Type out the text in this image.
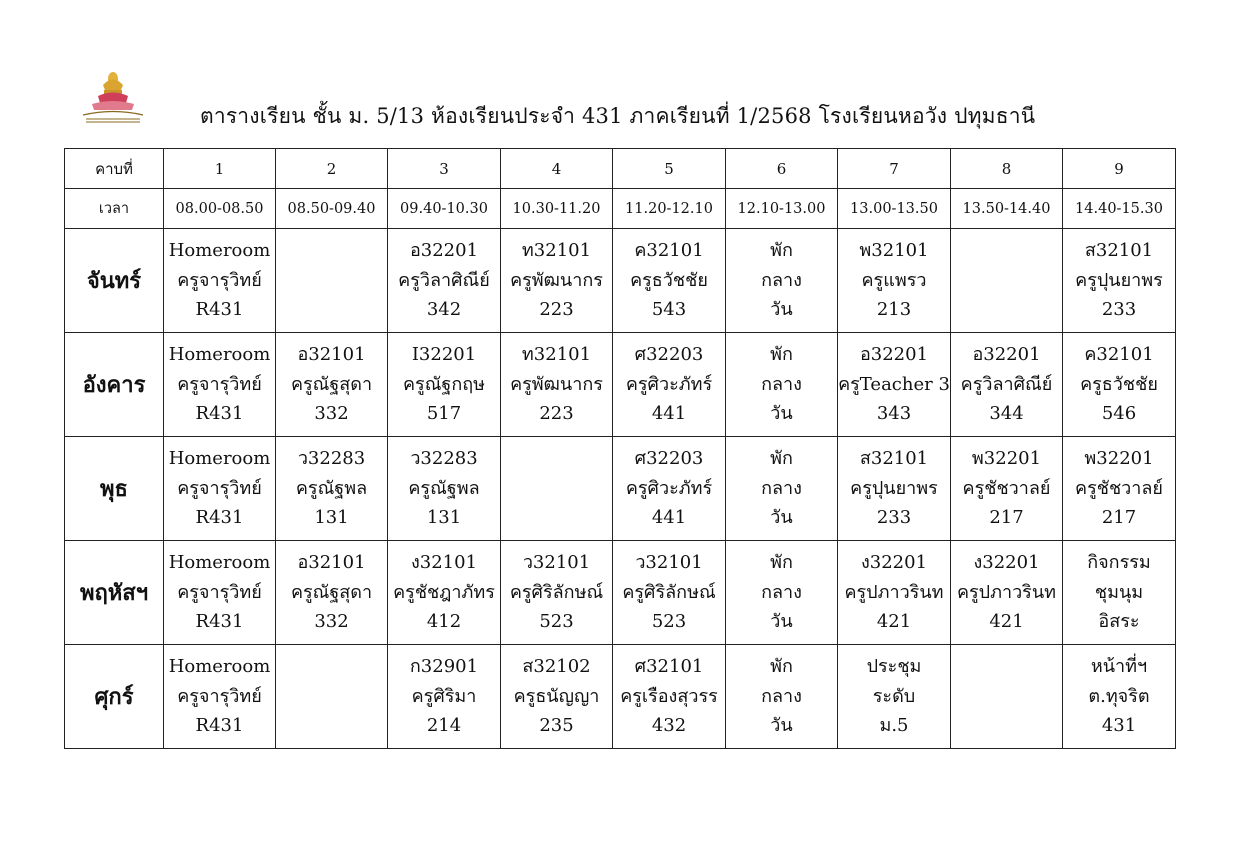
ตารางเรียน ชั้น ม. 5/13 ห้องเรียนประจำ 431 ภาคเรียนที่ 1/2568 โรงเรียนหอวัง ปทุมธานี
คาบที่	1	2	3	4	5	6	7	8	9
เวลา	08.00-08.50	08.50-09.40	09.40-10.30	10.30-11.20	11.20-12.10	12.10-13.00	13.00-13.50	13.50-14.40	14.40-15.30
จันทร์	Homeroom
ครูจารุวิทย์
R431		อ32201
ครูวิลาศิณีย์
342	ท32101
ครูพัฒนากร
223	ค32101
ครูธวัชชัย
543	พัก
กลาง
วัน	พ32101
ครูแพรว
213		ส32101
ครูปุนยาพร
233

อังคาร	Homeroom
ครูจารุวิทย์
R431	อ32101
ครูณัฐสุดา
332	I32201
ครูณัฐกฤษ
517	ท32101
ครูพัฒนากร
223	ศ32203
ครูศิวะภัทร์
441	พัก
กลาง
วัน	อ32201
ครูTeacher 3
343	อ32201
ครูวิลาศิณีย์
344	ค32101
ครูธวัชชัย
546

พุธ	Homeroom
ครูจารุวิทย์
R431	ว32283
ครูณัฐพล
131	ว32283
ครูณัฐพล
131		ศ32203
ครูศิวะภัทร์
441	พัก
กลาง
วัน	ส32101
ครูปุนยาพร
233	พ32201
ครูชัชวาลย์
217	พ32201
ครูชัชวาลย์
217

พฤหัสฯ	Homeroom
ครูจารุวิทย์
R431	อ32101
ครูณัฐสุดา
332	ง32101
ครูชัชฎาภัทร
412	ว32101
ครูศิริลักษณ์
523	ว32101
ครูศิริลักษณ์
523	พัก
กลาง
วัน	ง32201
ครูปภาวรินท
421	ง32201
ครูปภาวรินท
421	กิจกรรม
ชุมนุม
อิสระ

ศุกร์	Homeroom
ครูจารุวิทย์
R431		ก32901
ครูศิริมา
214	ส32102
ครูธนัญญา
235	ศ32101
ครูเรืองสุวรร
432	พัก
กลาง
วัน	ประชุม
ระดับ
ม.5		หน้าที่ฯ
ต.ทุจริต
431
